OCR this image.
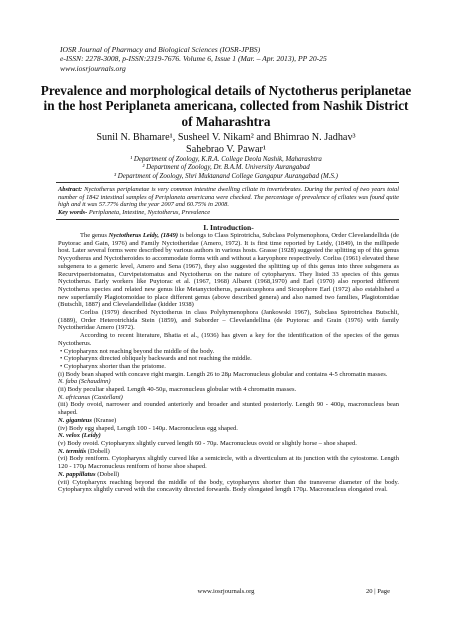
IOSR Journal of Pharmacy and Biological Sciences (IOSR-JPBS)
e-ISSN: 2278-3008, p-ISSN:2319-7676. Volume 6, Issue 1 (Mar. – Apr. 2013), PP 20-25
www.iosrjournals.org
Prevalence and morphological details of Nyctotherus periplanetae
in the host Periplaneta americana, collected from Nashik District
of Maharashtra
Sunil N. Bhamare¹, Susheel V. Nikam² and Bhimrao N. Jadhav³
Sahebrao V. Pawar¹
¹ Department of Zoology, K.R.A. College Deola Nashik, Maharashtra
² Department of Zoology, Dr. B.A.M. University Aurangabad
³ Department of Zoology, Shri Muktanand College Gangapur Aurangabad (M.S.)
Abstract: Nyctotherus periplanetae is very common intestine dwelling ciliate in invertebrates. During the period of two years total number of 1842 intestinal samples of Periplaneta americana were checked. The percentage of prevalence of ciliates was found quite high and it was 57.77% during the year 2007 and 60.75% in 2008.
Key words- Periplaneta, Intestine, Nyctotherus, Prevalence
I. Introduction-

The genus Nyctotherus Leidy, (1849) is belongs to Class Spirotricha, Subclass Polymenophora, Order Clevelandellida (de Puytorac and Gain, 1976) and Family Nyctotheridae (Amero, 1972). It is first time reported by Leidy, (1849), in the millipede host. Later several forms were described by various authors in various hosts. Grasse (1928) suggested the splitting up of this genus Nycyotherus and Nyctotheroides to accommodate forms with and without a karyophore respectively. Corliss (1961) elevated these subgenera to a generic level, Amero and Sena (1967), they also suggested the splitting up of this genus into three subgenera as Recurvipseristomatus, Curvipeistomatus and Nyctotherus on the nature of cytopharynx. They listed 33 species of this genus Nyctotherus. Early workers like Puytorac et al. (1967, 1968) Albaret (1968,1970) and Earl (1970) also reported different Nyctotherus species and related new genus like Metanyctotherus, parasicuophora and Sicuophore Earl (1972) also established a new superfamily Plagiotomoidae to place different genus (above described genera) and also named two families, Plagiotomidae (Butschli, 1887) and Clevelandellidae (kidder 1938)

Corliss (1979) described Nyctotherus in class Polyhymenophora (Jankowski 1967), Subclass Spirotrichea Butschli, (1889), Order Heterotrichida Stein (1859), and Suborder – Clevelandellina (de Puytorac and Grain (1976) with family Nyctotheridae Amero (1972).

According to recent literature, Bhatia et al., (1936) has given a key for the identification of the species of the genus Nyctotherus.

• Cytopharynx not reaching beyond the middle of the body.

• Cytopharynx directed obliquely backwards and not reaching the middle.

• Cytopharynx shorter than the pristome.

(i) Body bean shaped with concave right margin. Length 26 to 28μ Macronucleus globular and contains 4-5 chromatin masses.

N. faba (Schaudinn)

(ii) Body peculiar shaped. Length 40-50μ, macronucleus globular with 4 chromatin masses.

N. africanus (Castellani)

(iii) Body ovoid, narrower and rounded anteriorly and broader and stunted posteriorly. Length 90 - 400μ, macronucleus bean shaped.

N. giganteus (Kranse)

(iv) Body egg shaped, Length 100 - 140μ. Macronucleus egg shaped.

N. velox (Leidy)

(v) Body ovoid. Cytopharynx slightly curved length 60 - 70μ. Macronucleus ovoid or slightly horse – shoe shaped.

N. termitis (Dobell)

(vi) Body reniform. Cytopharynx slightly curved like a semicircle, with a diverticulum at its junction with the cytostome. Length 120 - 170μ Macronucleus reniform of horse shoe shaped.

N. pappillatus (Dobell)

(vii) Cytopharynx reaching beyond the middle of the body, cytopharynx shorter than the transverse diameter of the body. Cytopharynx slightly curved with the concavity directed forwards. Body elongated length 170μ. Macronucleus elongated oval.

www.iosrjournals.org	20 | Page
